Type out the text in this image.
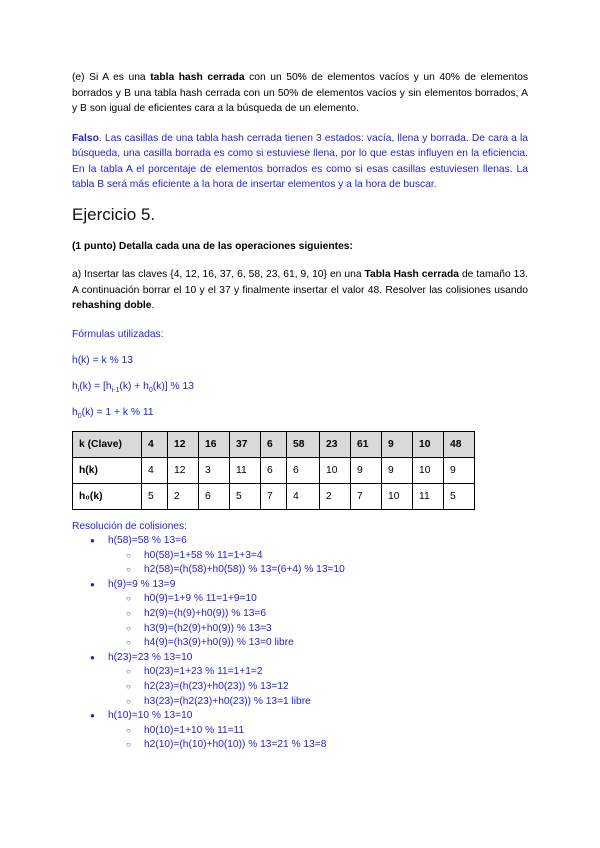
(e) Si A es una tabla hash cerrada con un 50% de elementos vacíos y un 40% de elementos borrados y B una tabla hash cerrada con un 50% de elementos vacíos y sin elementos borrados, A y B son igual de eficientes cara a la búsqueda de un elemento.

Falso. Las casillas de una tabla hash cerrada tienen 3 estados: vacía, llena y borrada. De cara a la búsqueda, una casilla borrada es como si estuviese llena, por lo que estas influyen en la eficiencia. En la tabla A el porcentaje de elementos borrados es como si esas casillas estuviesen llenas. La tabla B será más eficiente a la hora de insertar elementos y a la hora de buscar.

Ejercicio 5.

(1 punto) Detalla cada una de las operaciones siguientes:

a) Insertar las claves {4, 12, 16, 37, 6, 58, 23, 61, 9, 10} en una Tabla Hash cerrada de tamaño 13. A continuación borrar el 10 y el 37 y finalmente insertar el valor 48. Resolver las colisiones usando rehashing doble.

Fórmulas utilizadas:

h(k) = k % 13

$h_i(k) = [h_{i-1}(k) + h_0(k)]$ % 13

$h_0(k) = 1 + k$ % 11

k (Clave)	4	12	16	37	6	58	23	61	9	10	48
h(k)	4	12	3	11	6	6	10	9	9	10	9
h₀(k)	5	2	6	5	7	4	2	7	10	11	5
Resolución de colisiones:
● h(58)=58 % 13=6
○ h0(58)=1+58 % 11=1+3=4
○ h2(58)=(h(58)+h0(58)) % 13=(6+4) % 13=10
● h(9)=9 % 13=9
○ h0(9)=1+9 % 11=1+9=10
○ h2(9)=(h(9)+h0(9)) % 13=6
○ h3(9)=(h2(9)+h0(9)) % 13=3
○ h4(9)=(h3(9)+h0(9)) % 13=0 libre
● h(23)=23 % 13=10
○ h0(23)=1+23 % 11=1+1=2
○ h2(23)=(h(23)+h0(23)) % 13=12
○ h3(23)=(h2(23)+h0(23)) % 13=1 libre
● h(10)=10 % 13=10
○ h0(10)=1+10 % 11=11
○ h2(10)=(h(10)+h0(10)) % 13=21 % 13=8
